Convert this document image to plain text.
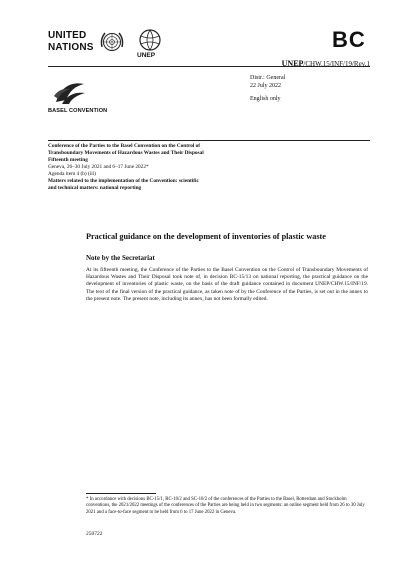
UNITED
NATIONS
UNEP
BC
UNEP/CHW.15/INF/19/Rev.1
Distr.: General
22 July 2022
English only
BASEL CONVENTION
Conference of the Parties to the Basel Convention on the Control of Transboundary Movements of Hazardous Wastes and Their Disposal
Fifteenth meeting
Geneva, 26–30 July 2021 and 6–17 June 2022*
Agenda item 4 (b) (iii)
Matters related to the implementation of the Convention: scientific and technical matters: national reporting
Practical guidance on the development of inventories of plastic waste
Note by the Secretariat
At its fifteenth meeting, the Conference of the Parties to the Basel Convention on the Control of Transboundary Movements of Hazardous Wastes and Their Disposal took note of, in decision BC-15/13 on national reporting, the practical guidance on the development of inventories of plastic waste, on the basis of the draft guidance contained in document UNEP/CHW.15/INF/19. The text of the final version of the practical guidance, as taken note of by the Conference of the Parties, is set out in the annex to the present note. The present note, including its annex, has not been formally edited.
* In accordance with decisions BC-15/1, RC-10/2 and SC-10/2 of the conferences of the Parties to the Basel, Rotterdam and Stockholm conventions, the 2021/2022 meetings of the conferences of the Parties are being held in two segments: an online segment held from 26 to 30 July 2021 and a face-to-face segment to be held from 6 to 17 June 2022 in Geneva.
250722
